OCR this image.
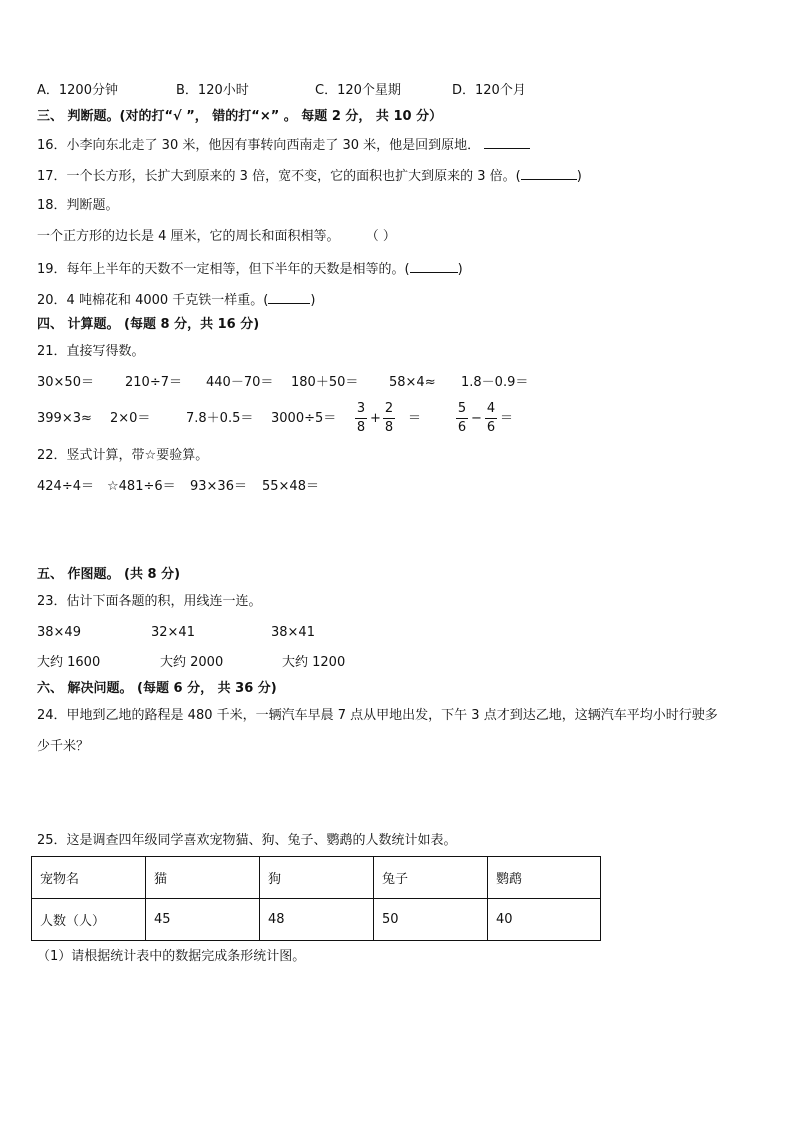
A．1200分钟	B．120小时	C．120个星期	D．120个月
三、 判断题。(对的打“√ ”， 错的打“×” 。 每题 2 分， 共 10 分）
16．小李向东北走了 30 米，他因有事转向西南走了 30 米，他是回到原地．
17．一个长方形，长扩大到原来的 3 倍，宽不变，它的面积也扩大到原来的 3 倍。(	)
18．判断题。
一个正方形的边长是 4 厘米，它的周长和面积相等。 （ ）
19．每年上半年的天数不一定相等，但下半年的天数是相等的。(	)
20．4 吨棉花和 4000 千克铁一样重。(	)
四、 计算题。 (每题 8 分，共 16 分)
21．直接写得数。
30×50＝ 210÷7＝ 440－70＝ 180＋50＝ 58×4≈ 1.8－0.9＝
399×3≈ 2×0＝	7.8＋0.5＝ 3000÷5＝
3
8
+
2
8
＝
5
6
−
4
6
＝
22．竖式计算，带☆要验算。
424÷4＝ ☆481÷6＝ 93×36＝ 55×48＝
五、 作图题。 (共 8 分)
23．估计下面各题的积，用线连一连。
38×49	32×41	38×41
大约 1600	大约 2000	大约 1200
六、 解决问题。 (每题 6 分， 共 36 分)
24．甲地到乙地的路程是 480 千米，一辆汽车早晨 7 点从甲地出发，下午 3 点才到达乙地，这辆汽车平均小时行驶多
少千米？
25．这是调查四年级同学喜欢宠物猫、狗、兔子、鹦鹉的人数统计如表。
宠物名	猫	狗	兔子	鹦鹉
人数（人）	45	48	50	40
（1）请根据统计表中的数据完成条形统计图。
